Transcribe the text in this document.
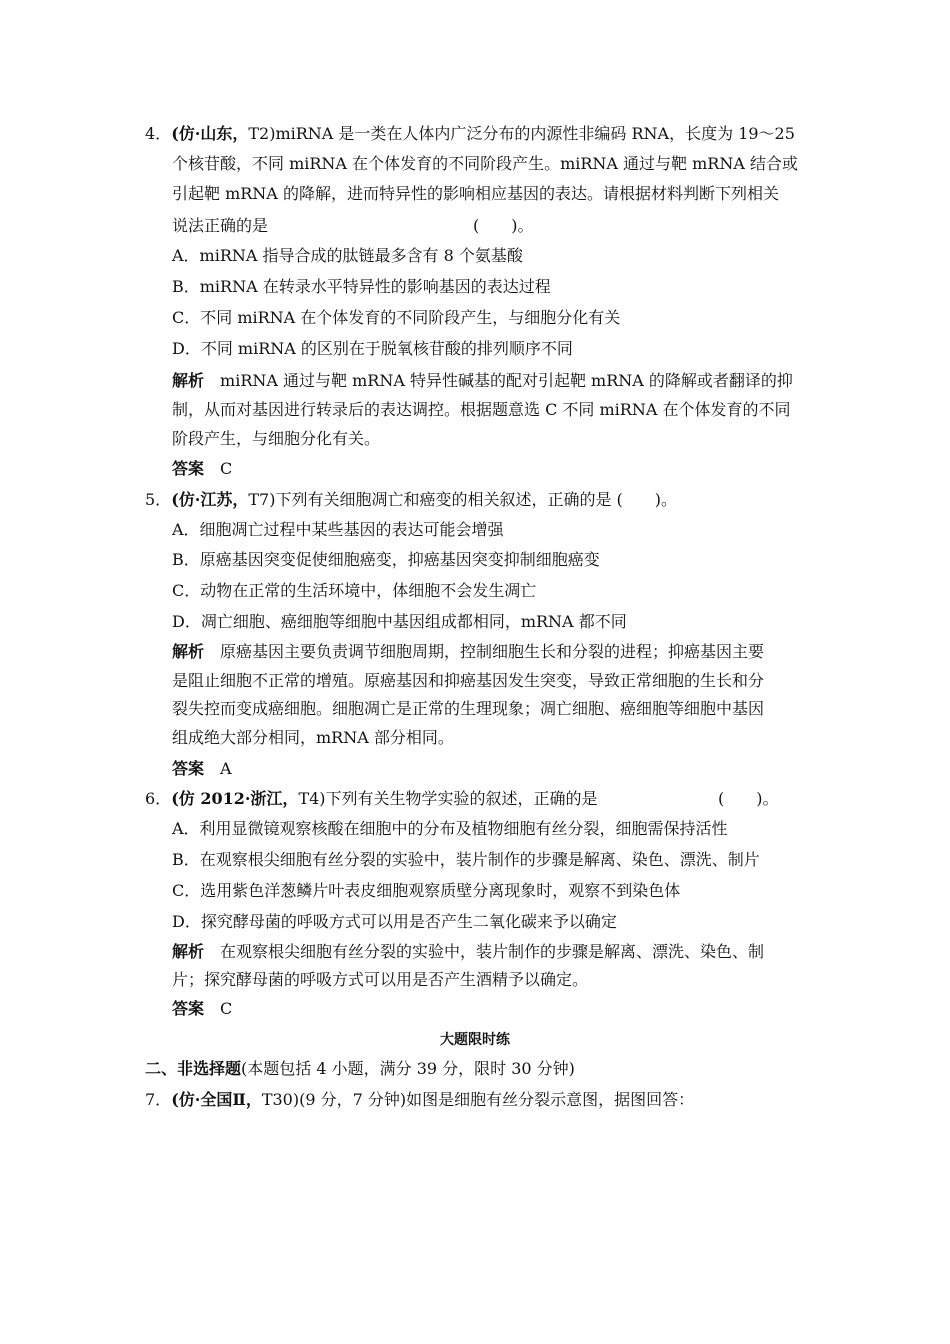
4．(仿·山东，T2)miRNA 是一类在人体内广泛分布的内源性非编码 RNA，长度为 19～25
个核苷酸，不同 miRNA 在个体发育的不同阶段产生。miRNA 通过与靶 mRNA 结合或
引起靶 mRNA 的降解，进而特异性的影响相应基因的表达。请根据材料判断下列相关
说法正确的是	(　　)。
A．miRNA 指导合成的肽链最多含有 8 个氨基酸
B．miRNA 在转录水平特异性的影响基因的表达过程
C．不同 miRNA 在个体发育的不同阶段产生，与细胞分化有关
D．不同 miRNA 的区别在于脱氧核苷酸的排列顺序不同
解析　 miRNA 通过与靶 mRNA 特异性碱基的配对引起靶 mRNA 的降解或者翻译的抑
制，从而对基因进行转录后的表达调控。根据题意选 C 不同 miRNA 在个体发育的不同
阶段产生，与细胞分化有关。
答案　 C
5．(仿·江苏，T7)下列有关细胞凋亡和癌变的相关叙述，正确的是 (　　)。
A．细胞凋亡过程中某些基因的表达可能会增强
B．原癌基因突变促使细胞癌变，抑癌基因突变抑制细胞癌变
C．动物在正常的生活环境中，体细胞不会发生凋亡
D．凋亡细胞、癌细胞等细胞中基因组成都相同，mRNA 都不同
解析　 原癌基因主要负责调节细胞周期，控制细胞生长和分裂的进程；抑癌基因主要
是阻止细胞不正常的增殖。原癌基因和抑癌基因发生突变，导致正常细胞的生长和分
裂失控而变成癌细胞。细胞凋亡是正常的生理现象；凋亡细胞、癌细胞等细胞中基因
组成绝大部分相同，mRNA 部分相同。
答案　 A
6．(仿 2012·浙江，T4)下列有关生物学实验的叙述，正确的是	(　　)。
A．利用显微镜观察核酸在细胞中的分布及植物细胞有丝分裂，细胞需保持活性
B．在观察根尖细胞有丝分裂的实验中，装片制作的步骤是解离、染色、漂洗、制片
C．选用紫色洋葱鳞片叶表皮细胞观察质壁分离现象时，观察不到染色体
D．探究酵母菌的呼吸方式可以用是否产生二氧化碳来予以确定
解析　 在观察根尖细胞有丝分裂的实验中，装片制作的步骤是解离、漂洗、染色、制
片；探究酵母菌的呼吸方式可以用是否产生酒精予以确定。
答案　 C
大题限时练
二、非选择题(本题包括 4 小题，满分 39 分，限时 30 分钟)
7．(仿·全国Ⅱ，T30)(9 分，7 分钟)如图是细胞有丝分裂示意图，据图回答：
